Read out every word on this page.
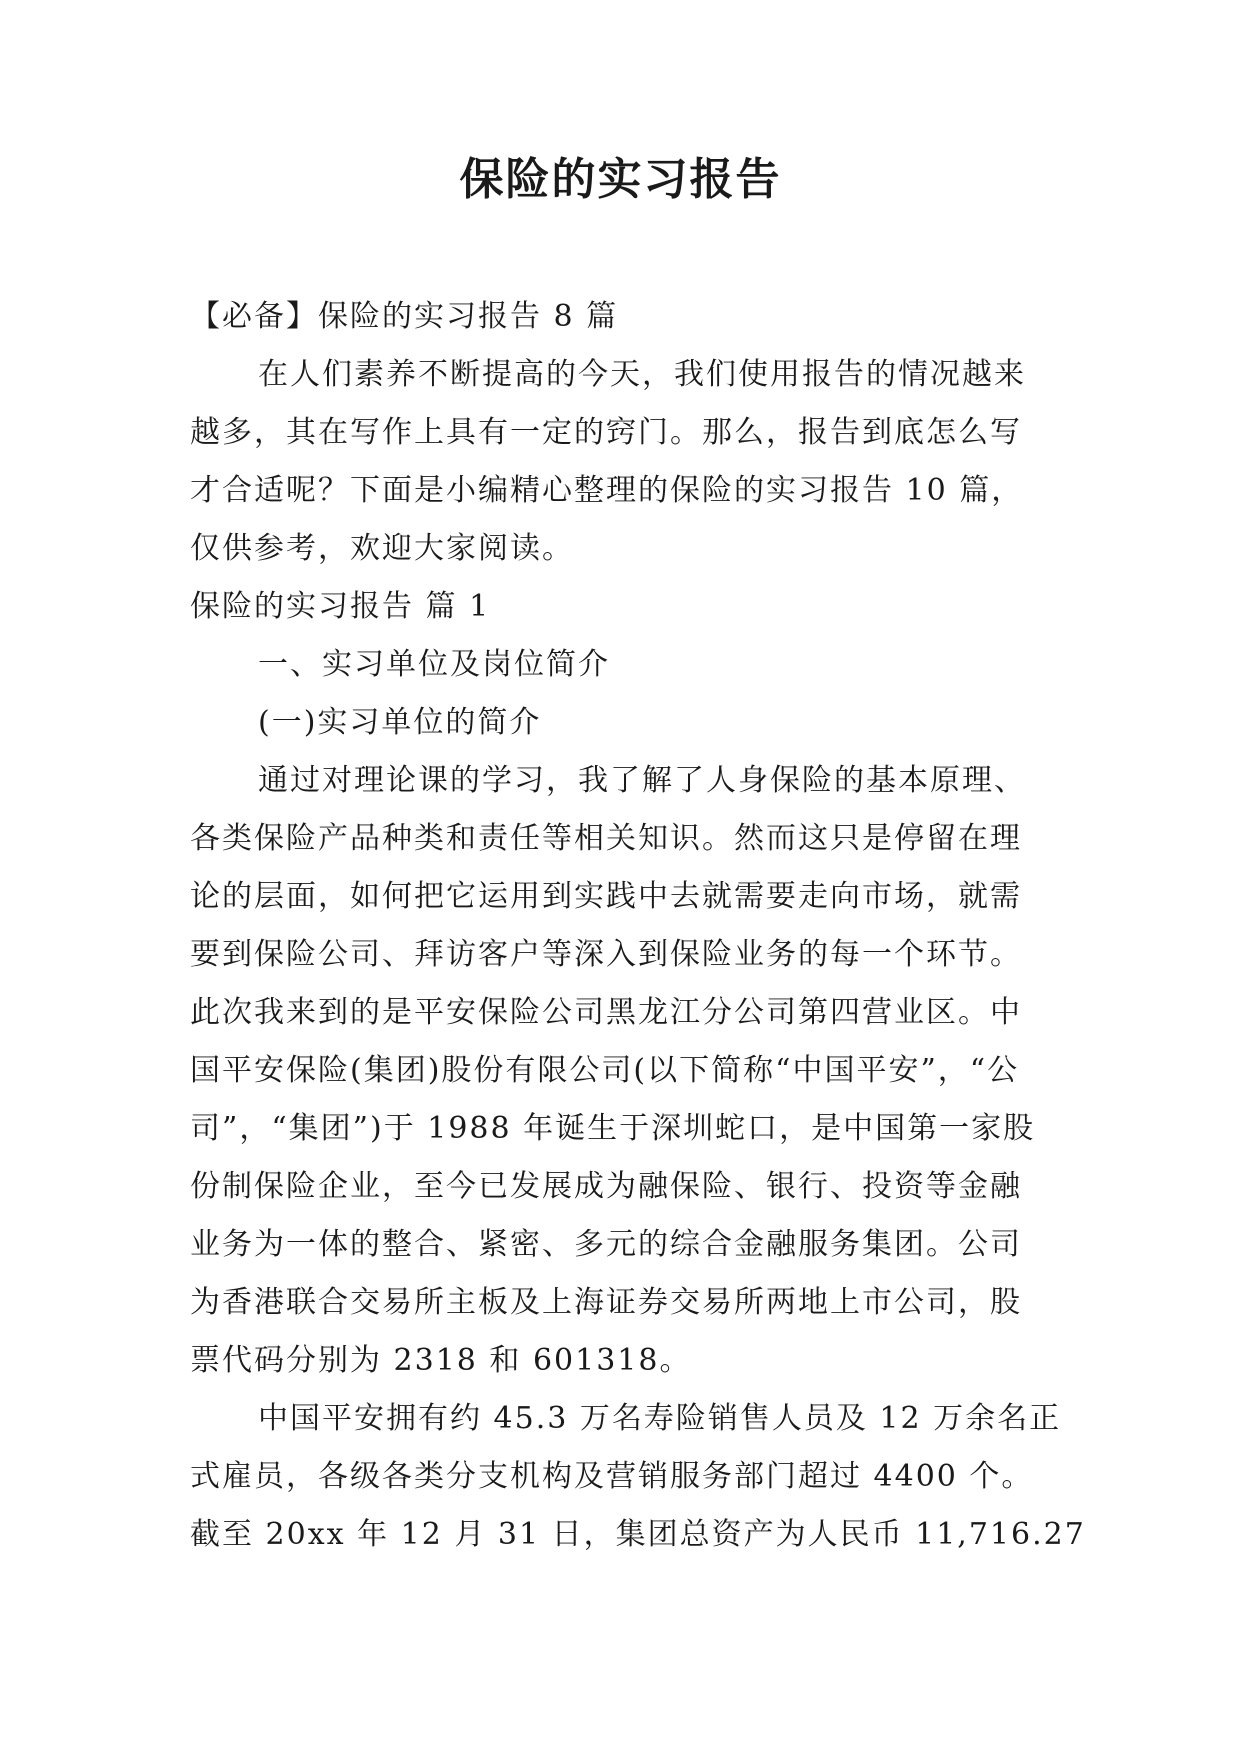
保险的实习报告
【必备】保险的实习报告 8 篇
在人们素养不断提高的今天，我们使用报告的情况越来
越多，其在写作上具有一定的窍门。那么，报告到底怎么写
才合适呢？下面是小编精心整理的保险的实习报告 10 篇，
仅供参考，欢迎大家阅读。
保险的实习报告 篇 1
一、实习单位及岗位简介
(一)实习单位的简介
通过对理论课的学习，我了解了人身保险的基本原理、
各类保险产品种类和责任等相关知识。然而这只是停留在理
论的层面，如何把它运用到实践中去就需要走向市场，就需
要到保险公司、拜访客户等深入到保险业务的每一个环节。
此次我来到的是平安保险公司黑龙江分公司第四营业区。中
国平安保险(集团)股份有限公司(以下简称“中国平安”，“公
司”，“集团”)于 1988 年诞生于深圳蛇口，是中国第一家股
份制保险企业，至今已发展成为融保险、银行、投资等金融
业务为一体的整合、紧密、多元的综合金融服务集团。公司
为香港联合交易所主板及上海证券交易所两地上市公司，股
票代码分别为 2318 和 601318。
中国平安拥有约 45.3 万名寿险销售人员及 12 万余名正
式雇员，各级各类分支机构及营销服务部门超过 4400 个。
截至 20xx 年 12 月 31 日，集团总资产为人民币 11,716.27
